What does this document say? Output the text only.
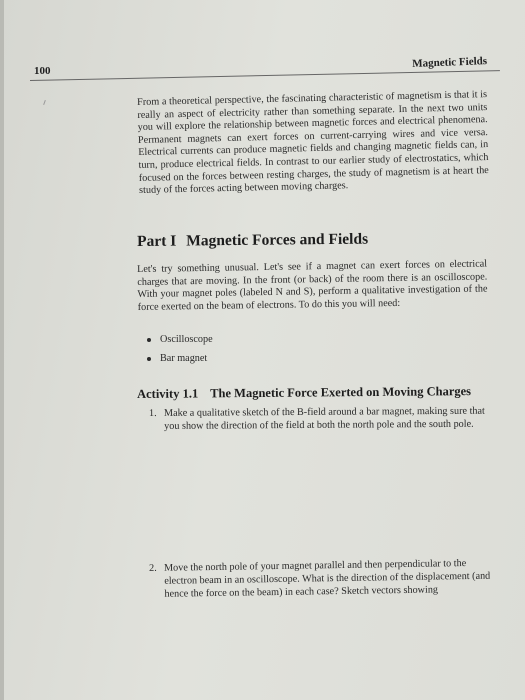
100
Magnetic Fields
From a theoretical perspective, the fascinating characteristic of magnetism is that it is really an aspect of electricity rather than something separate. In the next two units you will explore the relationship between magnetic forces and electrical phenomena. Permanent magnets can exert forces on current-carrying wires and vice versa. Electrical currents can produce magnetic fields and changing magnetic fields can, in turn, produce electrical fields. In contrast to our earlier study of electrostatics, which focused on the forces between resting charges, the study of magnetism is at heart the study of the forces acting between moving charges.
Part I Magnetic Forces and Fields
Let's try something unusual. Let's see if a magnet can exert forces on electrical charges that are moving. In the front (or back) of the room there is an oscilloscope. With your magnet poles (labeled N and S), perform a qualitative investigation of the force exerted on the beam of electrons. To do this you will need:
Oscilloscope
Bar magnet
Activity 1.1 The Magnetic Force Exerted on Moving Charges
1. Make a qualitative sketch of the B-field around a bar magnet, making sure that you show the direction of the field at both the north pole and the south pole.
2. Move the north pole of your magnet parallel and then perpendicular to the electron beam in an oscilloscope. What is the direction of the displacement (and hence the force on the beam) in each case? Sketch vectors showing
